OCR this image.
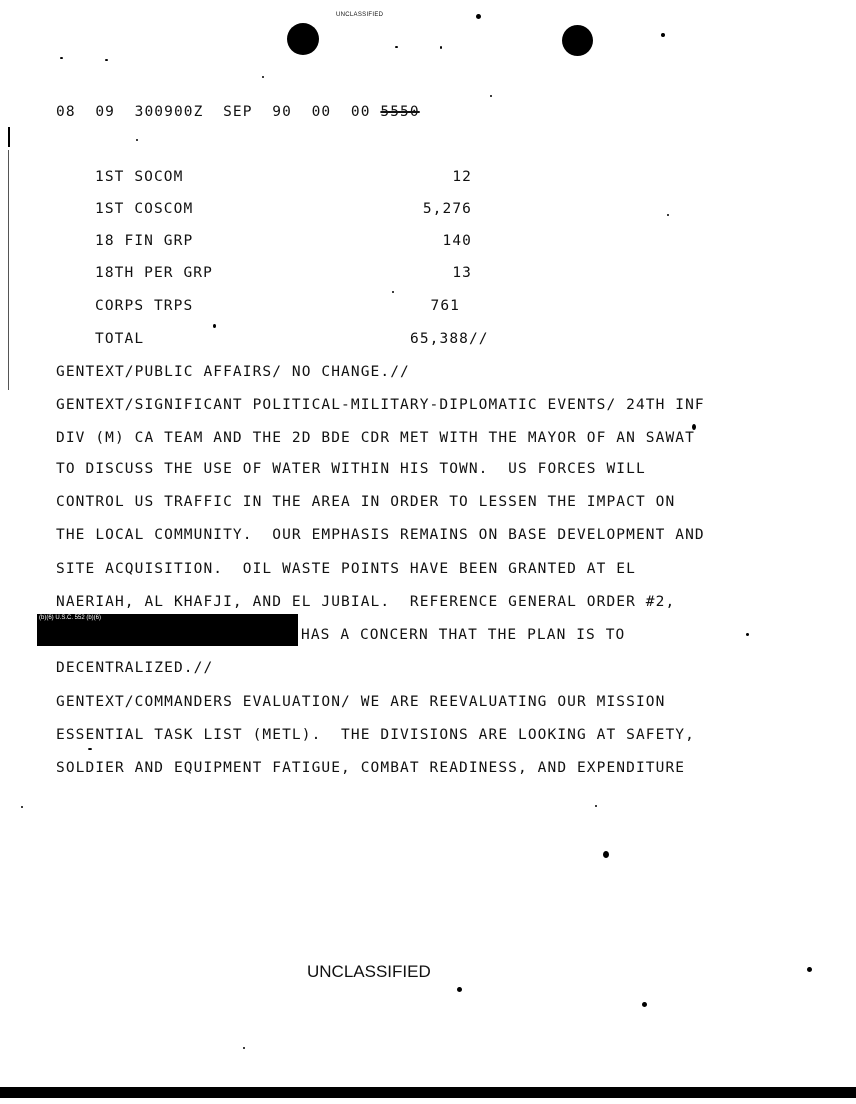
UNCLASSIFIED
08  09  300900Z  SEP  90  00  00 5550
1ST SOCOM	12
1ST COSCOM	5,276
18 FIN GRP	140
18TH PER GRP	13
CORPS TRPS	761
TOTAL	65,388//
GENTEXT/PUBLIC AFFAIRS/ NO CHANGE.//
GENTEXT/SIGNIFICANT POLITICAL-MILITARY-DIPLOMATIC EVENTS/ 24TH INF
DIV (M) CA TEAM AND THE 2D BDE CDR MET WITH THE MAYOR OF AN SAWAT
TO DISCUSS THE USE OF WATER WITHIN HIS TOWN.  US FORCES WILL
CONTROL US TRAFFIC IN THE AREA IN ORDER TO LESSEN THE IMPACT ON
THE LOCAL COMMUNITY.  OUR EMPHASIS REMAINS ON BASE DEVELOPMENT AND
SITE ACQUISITION.  OIL WASTE POINTS HAVE BEEN GRANTED AT EL
NAERIAH, AL KHAFJI, AND EL JUBIAL.  REFERENCE GENERAL ORDER #2,
(b)(6) U.S.C. 552 (b)(6)
HAS A CONCERN THAT THE PLAN IS TO
DECENTRALIZED.//
GENTEXT/COMMANDERS EVALUATION/ WE ARE REEVALUATING OUR MISSION
ESSENTIAL TASK LIST (METL).  THE DIVISIONS ARE LOOKING AT SAFETY,
SOLDIER AND EQUIPMENT FATIGUE, COMBAT READINESS, AND EXPENDITURE
UNCLASSIFIED
